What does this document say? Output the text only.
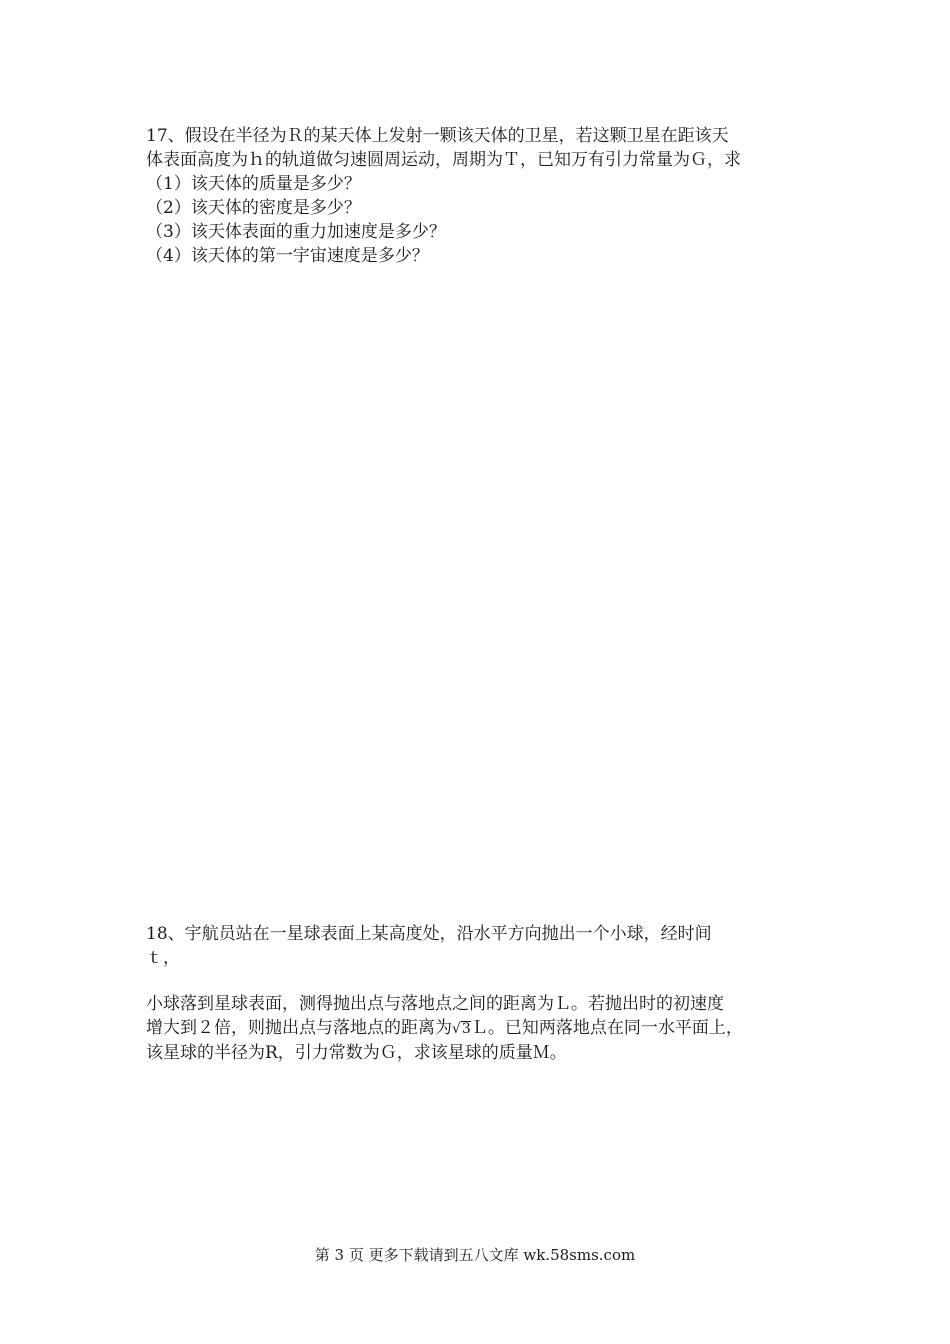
17、假设在半径为Ｒ的某天体上发射一颗该天体的卫星，若这颗卫星在距该天

体表面高度为ｈ的轨道做匀速圆周运动，周期为Ｔ，已知万有引力常量为Ｇ，求

（1）该天体的质量是多少？

（2）该天体的密度是多少？

（3）该天体表面的重力加速度是多少？

（4）该天体的第一宇宙速度是多少？

18、宇航员站在一星球表面上某高度处，沿水平方向抛出一个小球，经时间

ｔ，

小球落到星球表面，测得抛出点与落地点之间的距离为Ｌ。若抛出时的初速度

增大到２倍，则抛出点与落地点的距离为√3Ｌ。已知两落地点在同一水平面上，

该星球的半径为R，引力常数为Ｇ，求该星球的质量Ｍ。

第 3 页 更多下载请到五八文库 wk.58sms.com
